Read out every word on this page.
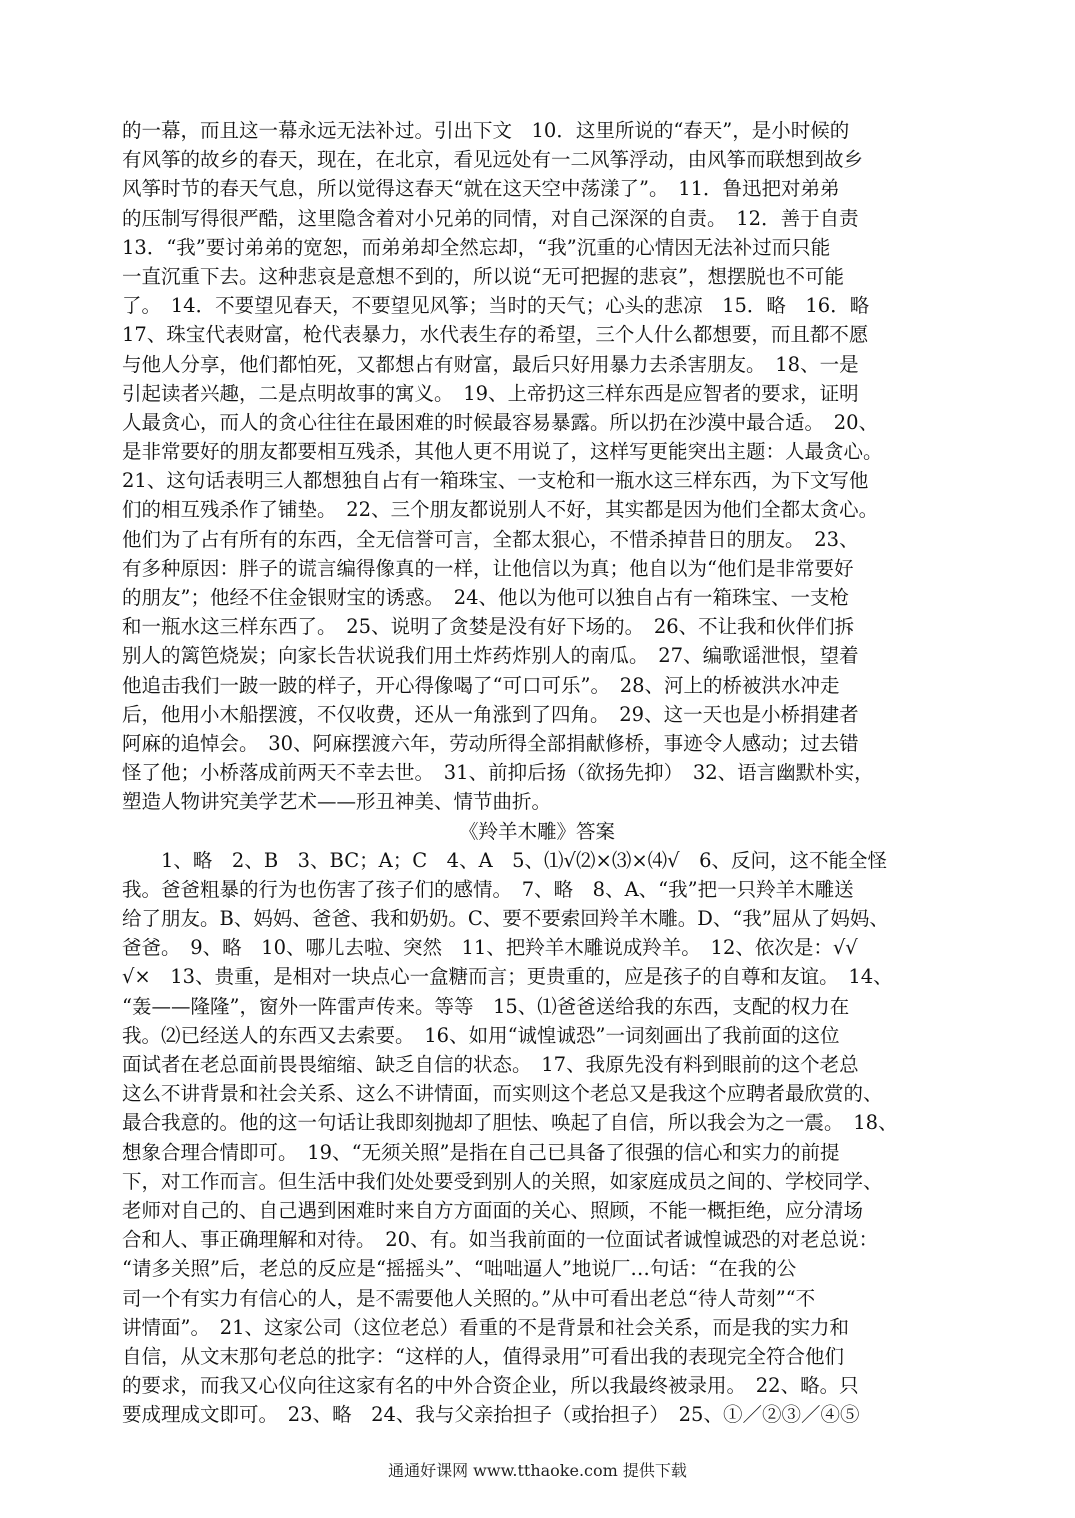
的一幕，而且这一幕永远无法补过。引出下文　10．这里所说的“春天”，是小时候的
有风筝的故乡的春天，现在，在北京，看见远处有一二风筝浮动，由风筝而联想到故乡
风筝时节的春天气息，所以觉得这春天“就在这天空中荡漾了”。　11．鲁迅把对弟弟
的压制写得很严酷，这里隐含着对小兄弟的同情，对自己深深的自责。　12．善于自责
13．“我”要讨弟弟的宽恕，而弟弟却全然忘却，“我”沉重的心情因无法补过而只能
一直沉重下去。这种悲哀是意想不到的，所以说“无可把握的悲哀”，想摆脱也不可能
了。　14．不要望见春天，不要望见风筝；当时的天气；心头的悲凉　15．略　16．略
17、珠宝代表财富，枪代表暴力，水代表生存的希望，三个人什么都想要，而且都不愿
与他人分享，他们都怕死，又都想占有财富，最后只好用暴力去杀害朋友。　18、一是
引起读者兴趣，二是点明故事的寓义。　19、上帝扔这三样东西是应智者的要求，证明
人最贪心，而人的贪心往往在最困难的时候最容易暴露。所以扔在沙漠中最合适。　20、
是非常要好的朋友都要相互残杀，其他人更不用说了，这样写更能突出主题：人最贪心。
21、这句话表明三人都想独自占有一箱珠宝、一支枪和一瓶水这三样东西，为下文写他
们的相互残杀作了铺垫。　22、三个朋友都说别人不好，其实都是因为他们全都太贪心。
他们为了占有所有的东西，全无信誉可言，全都太狠心，不惜杀掉昔日的朋友。　23、
有多种原因：胖子的谎言编得像真的一样，让他信以为真；他自以为“他们是非常要好
的朋友”；他经不住金银财宝的诱惑。　24、他以为他可以独自占有一箱珠宝、一支枪
和一瓶水这三样东西了。　25、说明了贪婪是没有好下场的。　26、不让我和伙伴们拆
别人的篱笆烧炭；向家长告状说我们用土炸药炸别人的南瓜。　27、编歌谣泄恨，望着
他追击我们一跛一跛的样子，开心得像喝了“可口可乐”。　28、河上的桥被洪水冲走
后，他用小木船摆渡，不仅收费，还从一角涨到了四角。　29、这一天也是小桥捐建者
阿麻的追悼会。　30、阿麻摆渡六年，劳动所得全部捐献修桥，事迹令人感动；过去错
怪了他；小桥落成前两天不幸去世。　31、前抑后扬（欲扬先抑）　32、语言幽默朴实，
塑造人物讲究美学艺术——形丑神美、情节曲折。
《羚羊木雕》答案
　　1、略　2、B　3、BC；A；C　4、A　5、⑴√⑵×⑶×⑷√　6、反问，这不能全怪
我。爸爸粗暴的行为也伤害了孩子们的感情。　7、略　8、A、“我”把一只羚羊木雕送
给了朋友。B、妈妈、爸爸、我和奶奶。C、要不要索回羚羊木雕。D、“我”屈从了妈妈、
爸爸。　9、略　10、哪儿去啦、突然　11、把羚羊木雕说成羚羊。　12、依次是：√√
√×　13、贵重，是相对一块点心一盒糖而言；更贵重的，应是孩子的自尊和友谊。　14、
“轰——隆隆”，窗外一阵雷声传来。等等　15、⑴爸爸送给我的东西，支配的权力在
我。⑵已经送人的东西又去索要。　16、如用“诚惶诚恐”一词刻画出了我前面的这位
面试者在老总面前畏畏缩缩、缺乏自信的状态。　17、我原先没有料到眼前的这个老总
这么不讲背景和社会关系、这么不讲情面，而实则这个老总又是我这个应聘者最欣赏的、
最合我意的。他的这一句话让我即刻抛却了胆怯、唤起了自信，所以我会为之一震。　18、
想象合理合情即可。　19、“无须关照”是指在自己已具备了很强的信心和实力的前提
下，对工作而言。但生活中我们处处要受到别人的关照，如家庭成员之间的、学校同学、
老师对自己的、自己遇到困难时来自方方面面的关心、照顾，不能一概拒绝，应分清场
合和人、事正确理解和对待。　20、有。如当我前面的一位面试者诚惶诚恐的对老总说：
“请多关照”后，老总的反应是“摇摇头”、“咄咄逼人”地说厂…句话：“在我的公
司一个有实力有信心的人，是不需要他人关照的。”从中可看出老总“待人苛刻”“不
讲情面”。　21、这家公司（这位老总）看重的不是背景和社会关系，而是我的实力和
自信，从文末那句老总的批字：“这样的人，值得录用”可看出我的表现完全符合他们
的要求，而我又心仪向往这家有名的中外合资企业，所以我最终被录用。　22、略。只
要成理成文即可。　23、略　24、我与父亲抬担子（或抬担子）　25、①／②③／④⑤
通通好课网 www.tthaoke.com 提供下载
